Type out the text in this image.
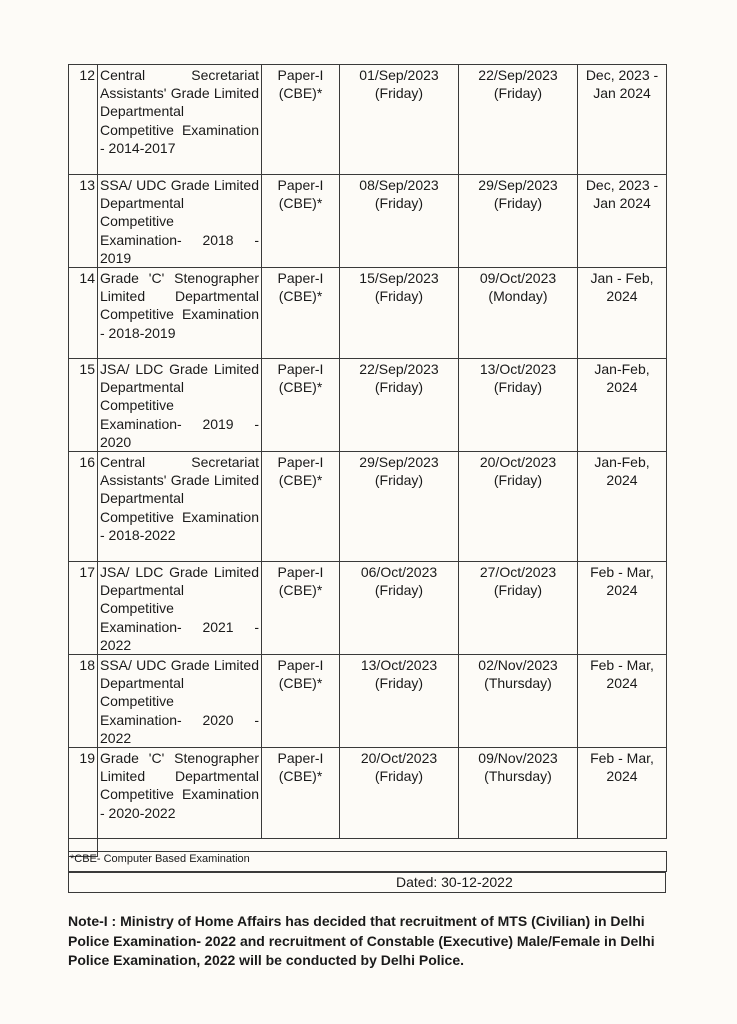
12	Central Secretariat Assistants' Grade Limited Departmental Competitive Examination - 2014-2017	Paper-I (CBE)*	01/Sep/2023 (Friday)	22/Sep/2023 (Friday)	Dec, 2023 - Jan 2024
13	SSA/ UDC Grade Limited Departmental Competitive Examination- 2018 - 2019	Paper-I (CBE)*	08/Sep/2023 (Friday)	29/Sep/2023 (Friday)	Dec, 2023 - Jan 2024
14	Grade 'C' Stenographer Limited Departmental Competitive Examination - 2018-2019	Paper-I (CBE)*	15/Sep/2023 (Friday)	09/Oct/2023 (Monday)	Jan - Feb, 2024
15	JSA/ LDC Grade Limited Departmental Competitive Examination- 2019 - 2020	Paper-I (CBE)*	22/Sep/2023 (Friday)	13/Oct/2023 (Friday)	Jan-Feb, 2024
16	Central Secretariat Assistants' Grade Limited Departmental Competitive Examination - 2018-2022	Paper-I (CBE)*	29/Sep/2023 (Friday)	20/Oct/2023 (Friday)	Jan-Feb, 2024
17	JSA/ LDC Grade Limited Departmental Competitive Examination- 2021 - 2022	Paper-I (CBE)*	06/Oct/2023 (Friday)	27/Oct/2023 (Friday)	Feb - Mar, 2024
18	SSA/ UDC Grade Limited Departmental Competitive Examination- 2020 - 2022	Paper-I (CBE)*	13/Oct/2023 (Friday)	02/Nov/2023 (Thursday)	Feb - Mar, 2024
19	Grade 'C' Stenographer Limited Departmental Competitive Examination - 2020-2022	Paper-I (CBE)*	20/Oct/2023 (Friday)	09/Nov/2023 (Thursday)	Feb - Mar, 2024

*CBE- Computer Based Examination
Dated: 30-12-2022
Note-I : Ministry of Home Affairs has decided that recruitment of MTS (Civilian) in Delhi Police Examination- 2022 and recruitment of Constable (Executive) Male/Female in Delhi Police Examination, 2022 will be conducted by Delhi Police.
